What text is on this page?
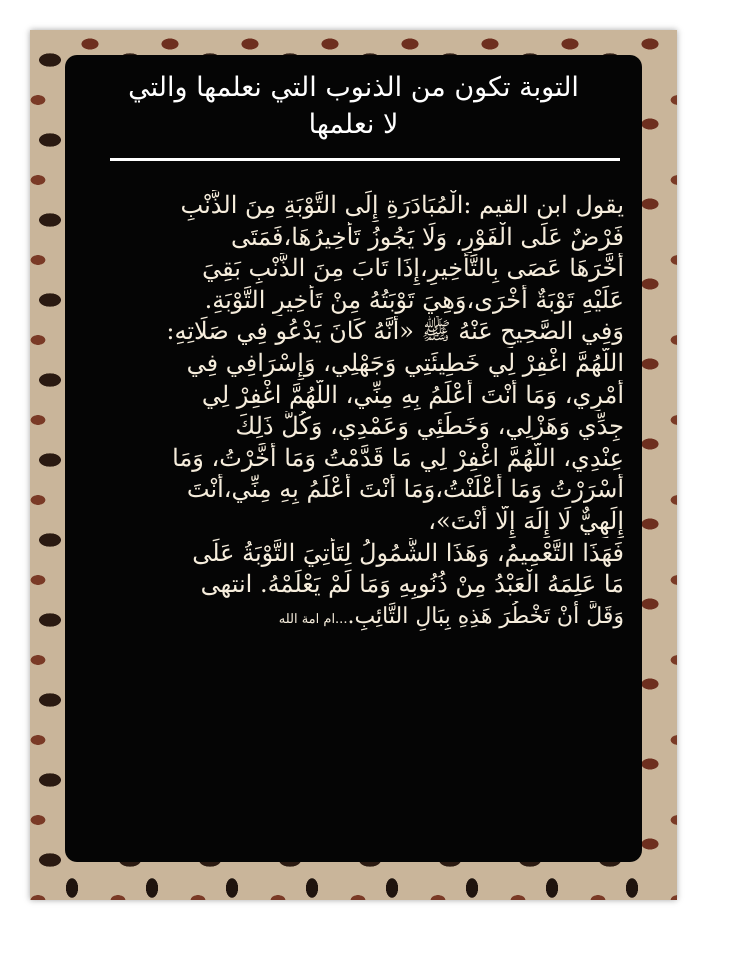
التوبة تكون من الذنوب التي نعلمها والتي
لا نعلمها
يقول ابن القيم :الْمُبَادَرَةِ إِلَى التَّوْبَةِ مِنَ الذَّنْبِ
فَرْضٌ عَلَى الْفَوْرِ، وَلَا يَجُوزُ تَأْخِيرُهَا،فَمَتَى
أَخَّرَهَا عَصَى بِالتَّأْخِيرِ،إِذَا تَابَ مِنَ الذَّنْبِ بَقِيَ
عَلَيْهِ تَوْبَةٌ أُخْرَى،وَهِيَ تَوْبَتُهُ مِنْ تَأْخِيرِ التَّوْبَةِ.
وَفِي الصَّحِيحِ عَنْهُ ﷺ «أَنَّهُ كَانَ يَدْعُو فِي صَلَاتِهِ:
اللَّهُمَّ اغْفِرْ لِي خَطِيئَتِي وَجَهْلِي، وَإِسْرَافِي فِي
أَمْرِي، وَمَا أَنْتَ أَعْلَمُ بِهِ مِنِّي، اللَّهُمَّ اغْفِرْ لِي
جِدِّي وَهَزْلِي، وَخَطَئِي وَعَمْدِي، وَكُلُّ ذَلِكَ
عِنْدِي، اللَّهُمَّ اغْفِرْ لِي مَا قَدَّمْتُ وَمَا أَخَّرْتُ، وَمَا
أَسْرَرْتُ وَمَا أَعْلَنْتُ،وَمَا أَنْتَ أَعْلَمُ بِهِ مِنِّي،أَنْتَ
إِلَهِيٌّ لَا إِلَهَ إِلَّا أَنْتَ»،
فَهَذَا التَّعْمِيمُ، وَهَذَا الشُّمُولُ لِتَأْتِيَ التَّوْبَةُ عَلَى
مَا عَلِمَهُ الْعَبْدُ مِنْ ذُنُوبِهِ وَمَا لَمْ يَعْلَمْهُ. انتهى
وَقَلَّ أَنْ تَخْطُرَ هَذِهِ بِبَالِ التَّائِبِ....ام امة الله
